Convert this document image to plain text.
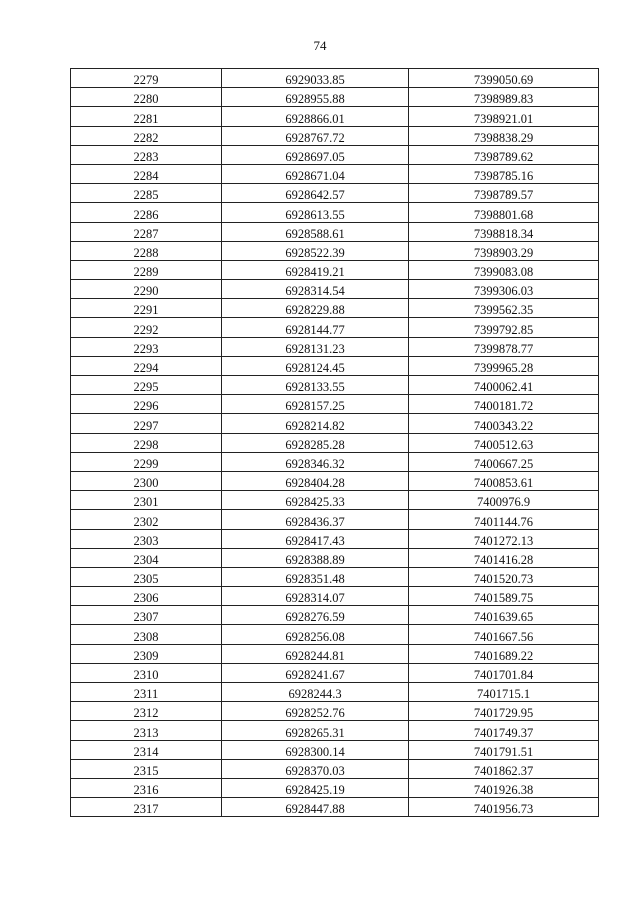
74
2279	6929033.85	7399050.69
2280	6928955.88	7398989.83
2281	6928866.01	7398921.01
2282	6928767.72	7398838.29
2283	6928697.05	7398789.62
2284	6928671.04	7398785.16
2285	6928642.57	7398789.57
2286	6928613.55	7398801.68
2287	6928588.61	7398818.34
2288	6928522.39	7398903.29
2289	6928419.21	7399083.08
2290	6928314.54	7399306.03
2291	6928229.88	7399562.35
2292	6928144.77	7399792.85
2293	6928131.23	7399878.77
2294	6928124.45	7399965.28
2295	6928133.55	7400062.41
2296	6928157.25	7400181.72
2297	6928214.82	7400343.22
2298	6928285.28	7400512.63
2299	6928346.32	7400667.25
2300	6928404.28	7400853.61
2301	6928425.33	7400976.9
2302	6928436.37	7401144.76
2303	6928417.43	7401272.13
2304	6928388.89	7401416.28
2305	6928351.48	7401520.73
2306	6928314.07	7401589.75
2307	6928276.59	7401639.65
2308	6928256.08	7401667.56
2309	6928244.81	7401689.22
2310	6928241.67	7401701.84
2311	6928244.3	7401715.1
2312	6928252.76	7401729.95
2313	6928265.31	7401749.37
2314	6928300.14	7401791.51
2315	6928370.03	7401862.37
2316	6928425.19	7401926.38
2317	6928447.88	7401956.73
